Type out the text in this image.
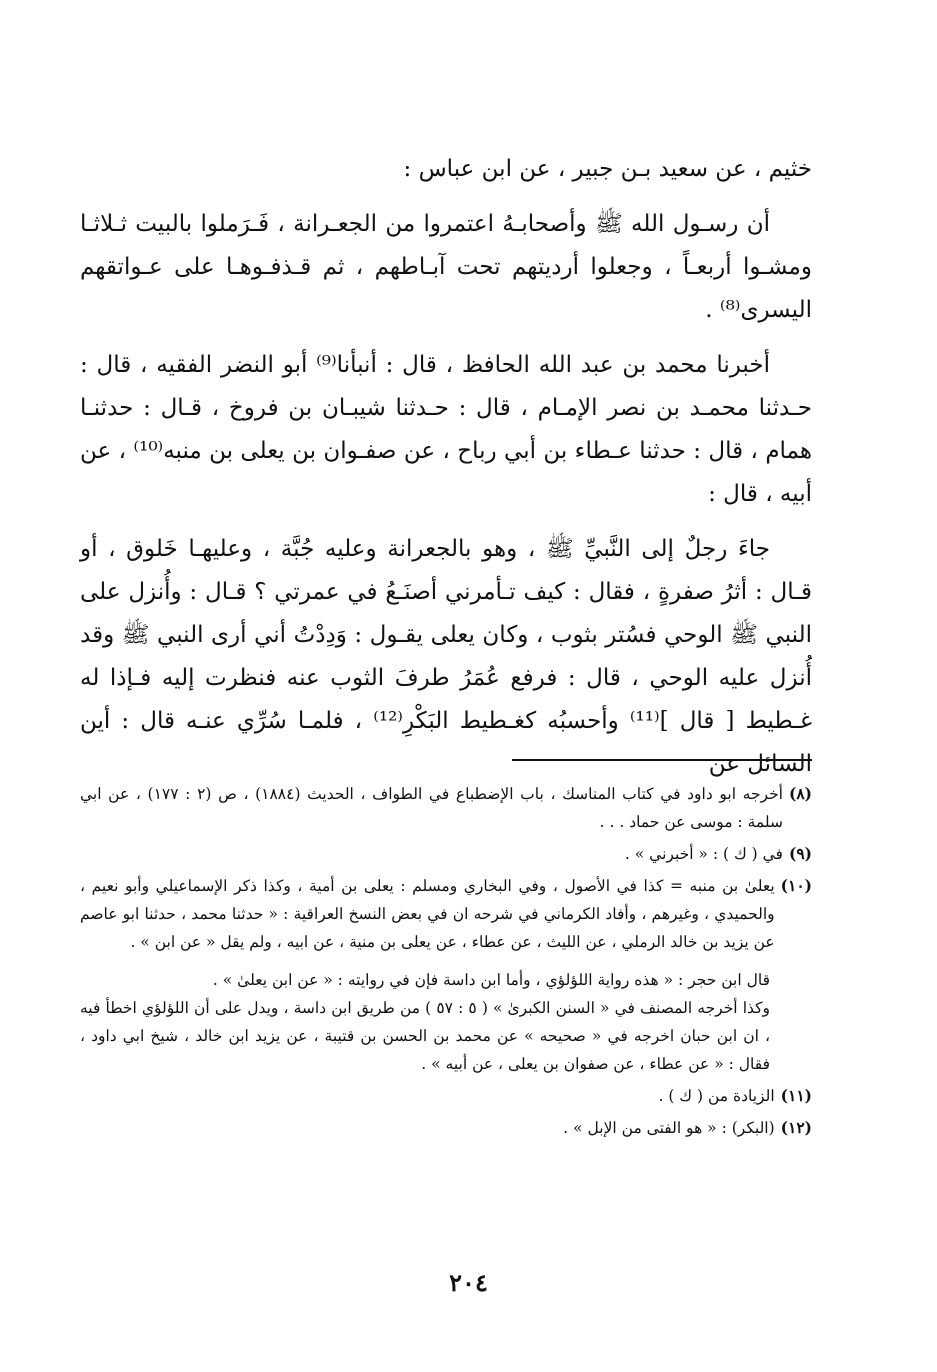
خثيم ، عن سعيد بـن جبير ، عن ابن عباس :

أن رسـول الله ﷺ وأصحابـهُ اعتمروا من الجعـرانة ، فَـرَملوا بالبيت ثـلاثـا ومشـوا أربعـاً ، وجعلوا أرديتهم تحت آبـاطهم ، ثم قـذفـوهـا على عـواتقهم اليسرى⁽⁸⁾ .

أخبرنا محمد بن عبد الله الحافظ ، قال : أنبأنا⁽⁹⁾ أبو النضر الفقيه ، قال : حـدثنا محمـد بن نصر الإمـام ، قال : حـدثنا شيبـان بن فروخ ، قـال : حدثنـا همام ، قال : حدثنا عـطاء بن أبي رباح ، عن صفـوان بن يعلى بن منبه⁽¹⁰⁾ ، عن أبيه ، قال :

جاءَ رجلٌ إلى النَّبيِّ ﷺ ، وهو بالجعرانة وعليه جُبَّة ، وعليهـا خَلوق ، أو قـال : أثرُ صفرةٍ ، فقال : كيف تـأمرني أصنَـعُ في عمرتي ؟ قـال : وأُنزل على النبي ﷺ الوحي فسُتر بثوب ، وكان يعلى يقـول : وَدِدْتُ أني أرى النبي ﷺ وقد أُنزل عليه الوحي ، قال : فرفع عُمَرُ طرفَ الثوب عنه فنظرت إليه فـإذا له غـطيط [ قال ]⁽¹¹⁾ وأحسبُه كغـطيط البَكْرِ⁽¹²⁾ ، فلمـا سُرِّي عنـه قال : أين السائل عن

(٨)
أخرجه ابو داود في كتاب المناسك ، باب الإضطباع في الطواف ، الحديث (١٨٨٤) ، ص (٢ : ١٧٧) ، عن ابي سلمة : موسى عن حماد . . .
(٩)
في ( ك ) : « أخبرني » .
(١٠)
يعلىٰ بن منبه = كذا في الأصول ، وفي البخاري ومسلم : يعلى بن أمية ، وكذا ذكر الإسماعيلي وأبو نعيم ، والحميدي ، وغيرهم ، وأفاد الكرماني في شرحه ان في بعض النسخ العراقية : « حدثنا محمد ، حدثنا ابو عاصم عن يزيد بن خالد الرملي ، عن الليث ، عن عطاء ، عن يعلى بن منية ، عن ابيه ، ولم يقل « عن ابن » .

قال ابن حجر : « هذه رواية اللؤلؤي ، وأما ابن داسة فإن في روايته : « عن ابن يعلىٰ » .

وكذا أخرجه المصنف في « السنن الكبرىٰ » ( ٥ : ٥٧ ) من طريق ابن داسة ، ويدل على أن اللؤلؤي اخطأ فيه ، ان ابن حبان اخرجه في « صحيحه » عن محمد بن الحسن بن قتيبة ، عن يزيد ابن خالد ، شيخ ابي داود ، فقال : « عن عطاء ، عن صفوان بن يعلى ، عن أبيه » .

(١١)
الزيادة من ( ك ) .
(١٢)
(البكر) : « هو الفتى من الإبل » .
٢٠٤
